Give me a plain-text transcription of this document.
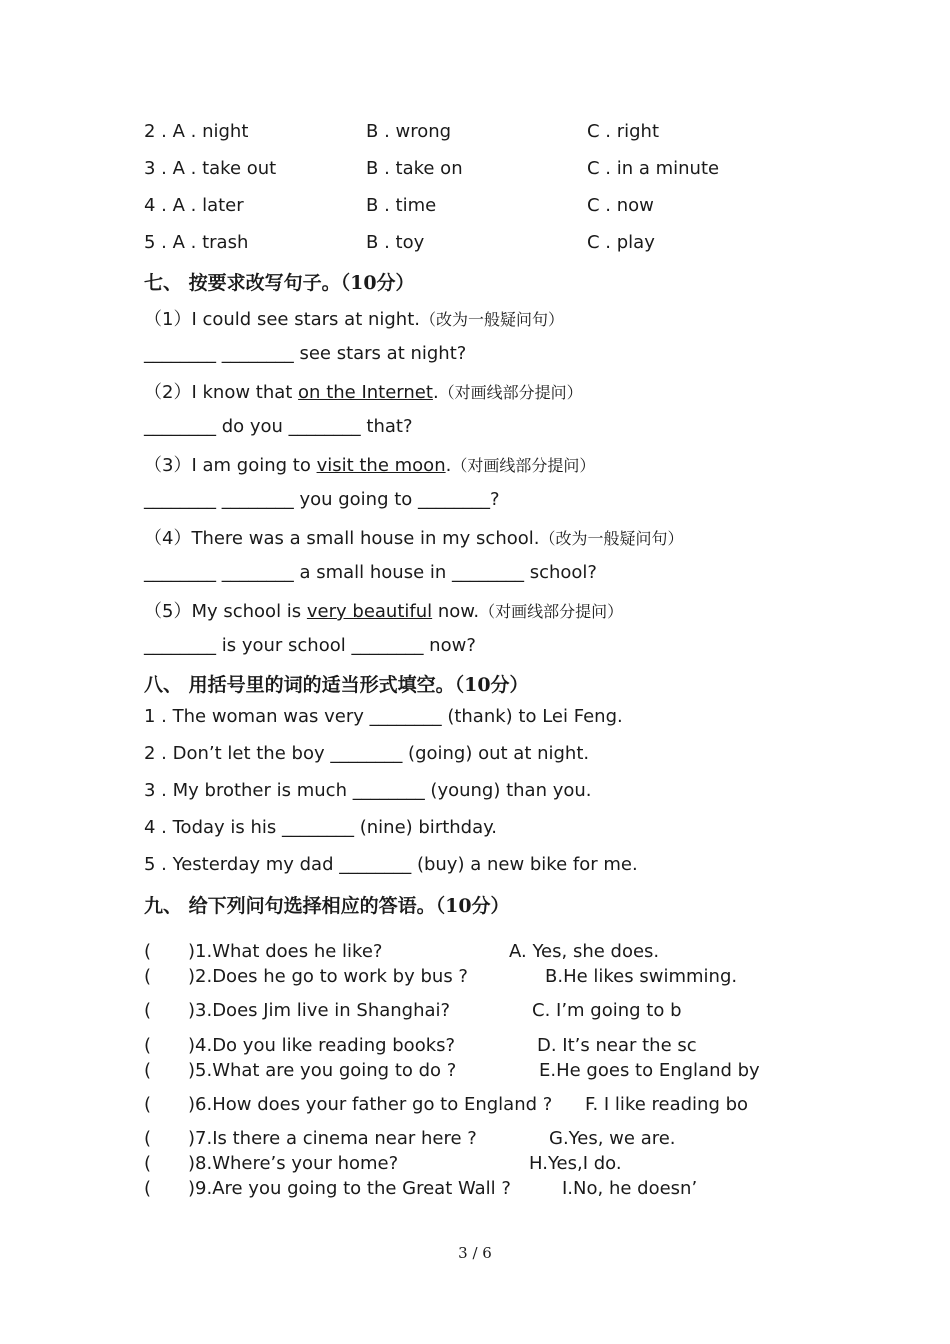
2 . A . night	B . wrong	C . right
3 . A . take out	B . take on	C . in a minute
4 . A . later	B . time	C . now
5 . A . trash	B . toy	C . play
七、 按要求改写句子。（10分）
（1）I could see stars at night.（改为一般疑问句）
________ ________ see stars at night?
（2）I know that on the Internet.（对画线部分提问）
________ do you ________ that?
（3）I am going to visit the moon.（对画线部分提问）
________ ________ you going to ________?
（4）There was a small house in my school.（改为一般疑问句）
________ ________ a small house in ________ school?
（5）My school is very beautiful now.（对画线部分提问）
________ is your school ________ now?
八、 用括号里的词的适当形式填空。（10分）
1 . The woman was very ________ (thank) to Lei Feng.
2 . Don’t let the boy ________ (going) out at night.
3 . My brother is much ________ (young) than you.
4 . Today is his ________ (nine) birthday.
5 . Yesterday my dad ________ (buy) a new bike for me.
九、 给下列问句选择相应的答语。（10分）
( )1.What does he like?	A. Yes, she does.
( )2.Does he go to work by bus ?	B.He likes swimming.
( )3.Does Jim live in Shanghai?	C. I’m going to b
( )4.Do you like reading books?	D. It’s near the sc
( )5.What are you going to do ?	E.He goes to England by
( )6.How does your father go to England ? F. I like reading bo
( )7.Is there a cinema near here ?	G.Yes, we are.
( )8.Where’s your home?	H.Yes,I do.
( )9.Are you going to the Great Wall ?	I.No, he doesn’
3 / 6
